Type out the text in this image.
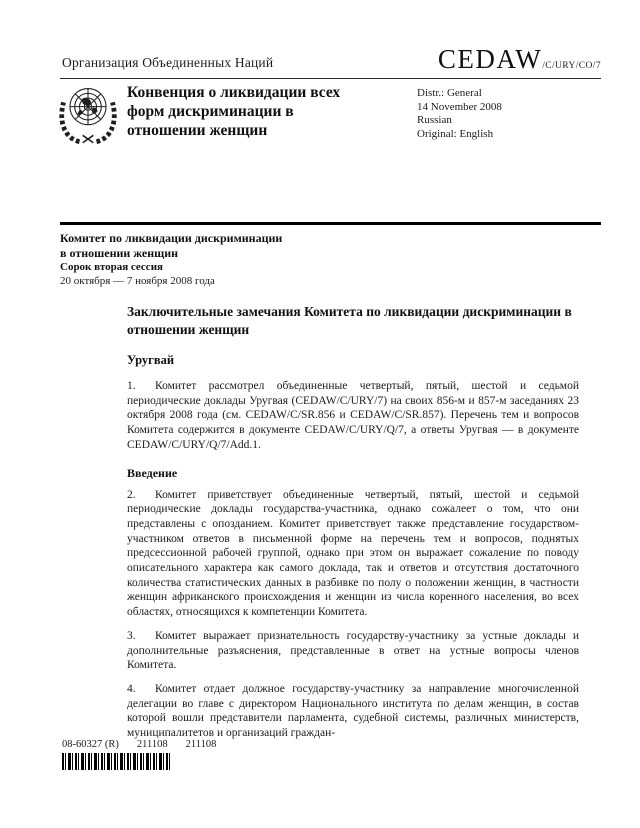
Организация Объединенных Наций	CEDAW/C/URY/CO/7
Конвенция о ликвидации всех
форм дискриминации в
отношении женщин
Distr.: General
14 November 2008
Russian
Original: English
Комитет по ликвидации дискриминации
в отношении женщин
Сорок вторая сессия
20 октября — 7 ноября 2008 года

Заключительные замечания Комитета по ликвидации дискриминации в отношении женщин

Уругвай

1. Комитет рассмотрел объединенные четвертый, пятый, шестой и седьмой периодические доклады Уругвая (CEDAW/C/URY/7) на своих 856-м и 857-м заседаниях 23 октября 2008 года (см. CEDAW/C/SR.856 и CEDAW/C/SR.857). Перечень тем и вопросов Комитета содержится в документе CEDAW/C/URY/Q/7, а ответы Уругвая — в документе CEDAW/C/URY/Q/7/Add.1.

Введение

2. Комитет приветствует объединенные четвертый, пятый, шестой и седьмой периодические доклады государства-участника, однако сожалеет о том, что они представлены с опозданием. Комитет приветствует также представление государством-участником ответов в письменной форме на перечень тем и вопросов, поднятых предсессионной рабочей группой, однако при этом он выражает сожаление по поводу описательного характера как самого доклада, так и ответов и отсутствия достаточного количества статистических данных в разбивке по полу о положении женщин, в частности женщин африканского происхождения и женщин из числа коренного населения, во всех областях, относящихся к компетенции Комитета.

3. Комитет выражает признательность государству-участнику за устные доклады и дополнительные разъяснения, представленные в ответ на устные вопросы членов Комитета.

4. Комитет отдает должное государству-участнику за направление многочисленной делегации во главе с директором Национального института по делам женщин, в состав которой вошли представители парламента, судебной системы, различных министерств, муниципалитетов и организаций граждан-

08-60327 (R) 211108 211108
